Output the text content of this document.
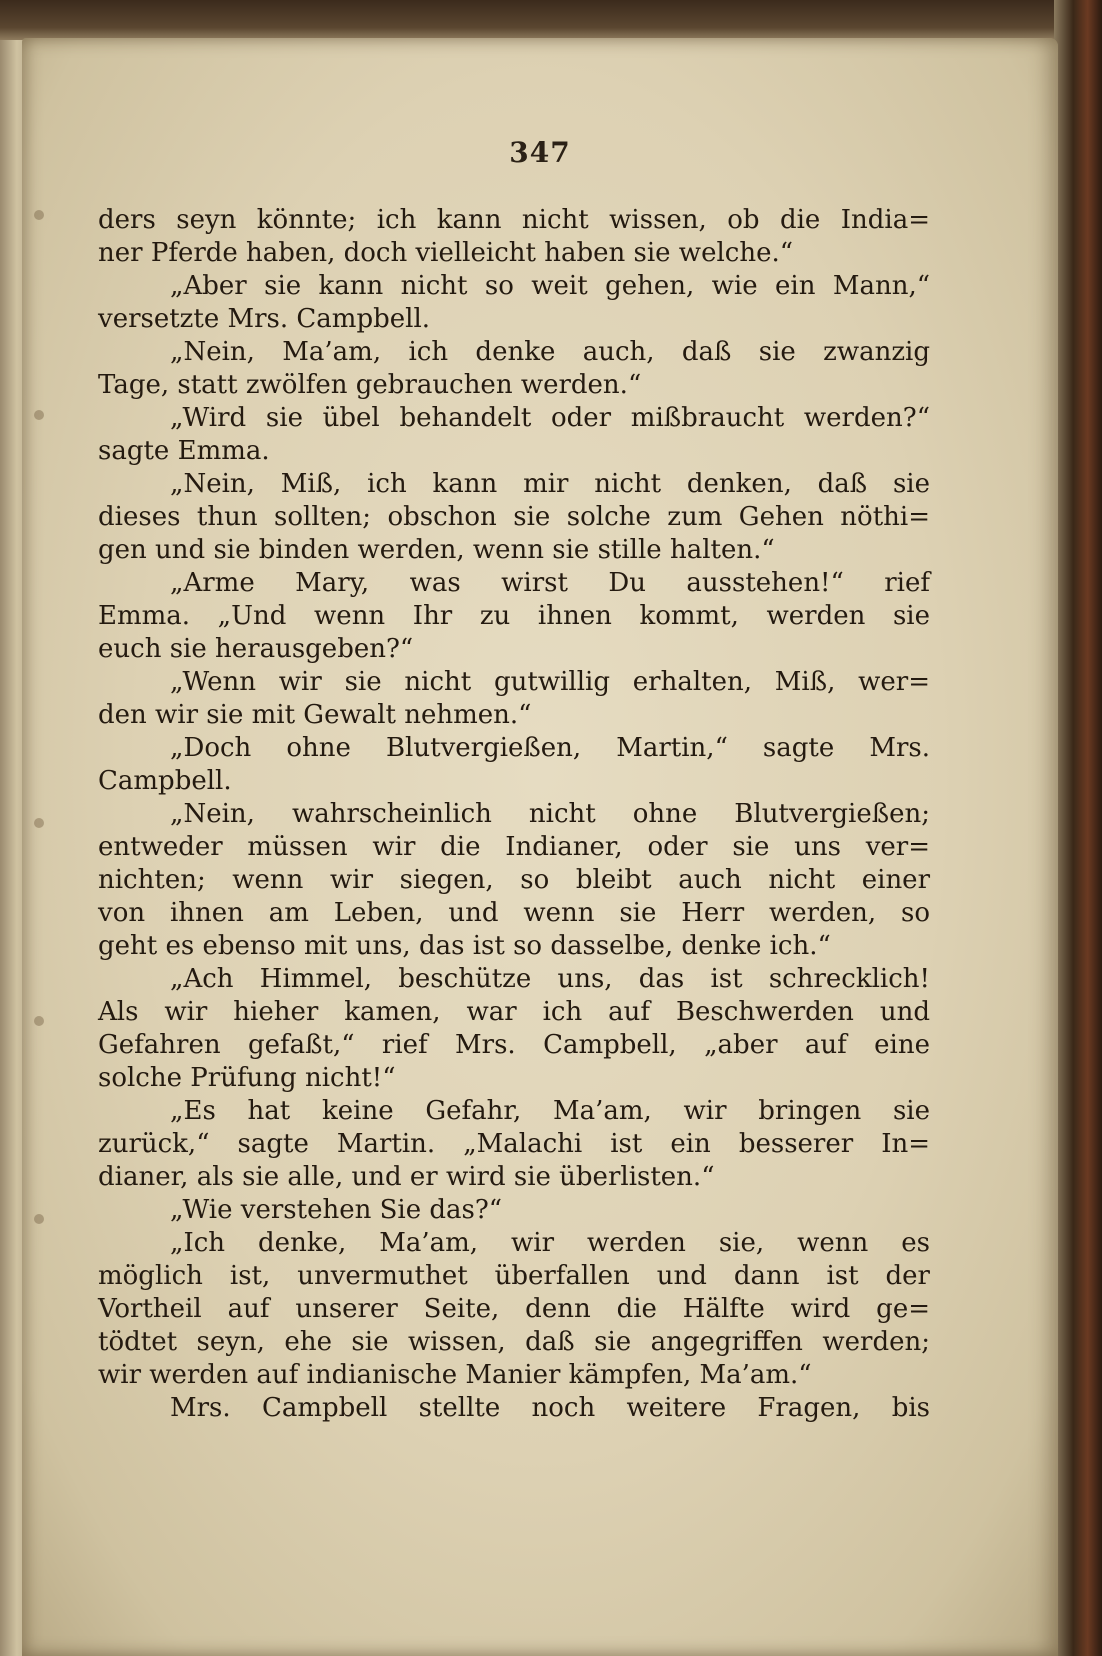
347
ders seyn könnte; ich kann nicht wissen, ob die India=
ner Pferde haben, doch vielleicht haben sie welche.“
„Aber sie kann nicht so weit gehen, wie ein Mann,“
versetzte Mrs. Campbell.
„Nein, Ma’am, ich denke auch, daß sie zwanzig
Tage, statt zwölfen gebrauchen werden.“
„Wird sie übel behandelt oder mißbraucht werden?“
sagte Emma.
„Nein, Miß, ich kann mir nicht denken, daß sie
dieses thun sollten; obschon sie solche zum Gehen nöthi=
gen und sie binden werden, wenn sie stille halten.“
„Arme Mary, was wirst Du ausstehen!“ rief
Emma. „Und wenn Ihr zu ihnen kommt, werden sie
euch sie herausgeben?“
„Wenn wir sie nicht gutwillig erhalten, Miß, wer=
den wir sie mit Gewalt nehmen.“
„Doch ohne Blutvergießen, Martin,“ sagte Mrs.
Campbell.
„Nein, wahrscheinlich nicht ohne Blutvergießen;
entweder müssen wir die Indianer, oder sie uns ver=
nichten; wenn wir siegen, so bleibt auch nicht einer
von ihnen am Leben, und wenn sie Herr werden, so
geht es ebenso mit uns, das ist so dasselbe, denke ich.“
„Ach Himmel, beschütze uns, das ist schrecklich!
Als wir hieher kamen, war ich auf Beschwerden und
Gefahren gefaßt,“ rief Mrs. Campbell, „aber auf eine
solche Prüfung nicht!“
„Es hat keine Gefahr, Ma’am, wir bringen sie
zurück,“ sagte Martin. „Malachi ist ein besserer In=
dianer, als sie alle, und er wird sie überlisten.“
„Wie verstehen Sie das?“
„Ich denke, Ma’am, wir werden sie, wenn es
möglich ist, unvermuthet überfallen und dann ist der
Vortheil auf unserer Seite, denn die Hälfte wird ge=
tödtet seyn, ehe sie wissen, daß sie angegriffen werden;
wir werden auf indianische Manier kämpfen, Ma’am.“
Mrs. Campbell stellte noch weitere Fragen, bis
